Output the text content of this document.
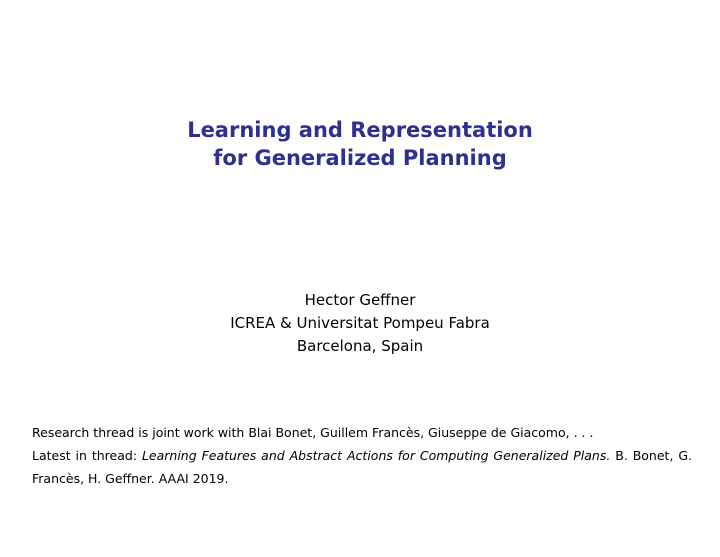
Learning and Representation
for Generalized Planning
Hector Geffner
ICREA & Universitat Pompeu Fabra
Barcelona, Spain

Research thread is joint work with Blai Bonet, Guillem Francès, Giuseppe de Giacomo, . . .

Latest in thread: Learning Features and Abstract Actions for Computing Generalized Plans. B. Bonet, G. Francès, H. Geffner. AAAI 2019.
